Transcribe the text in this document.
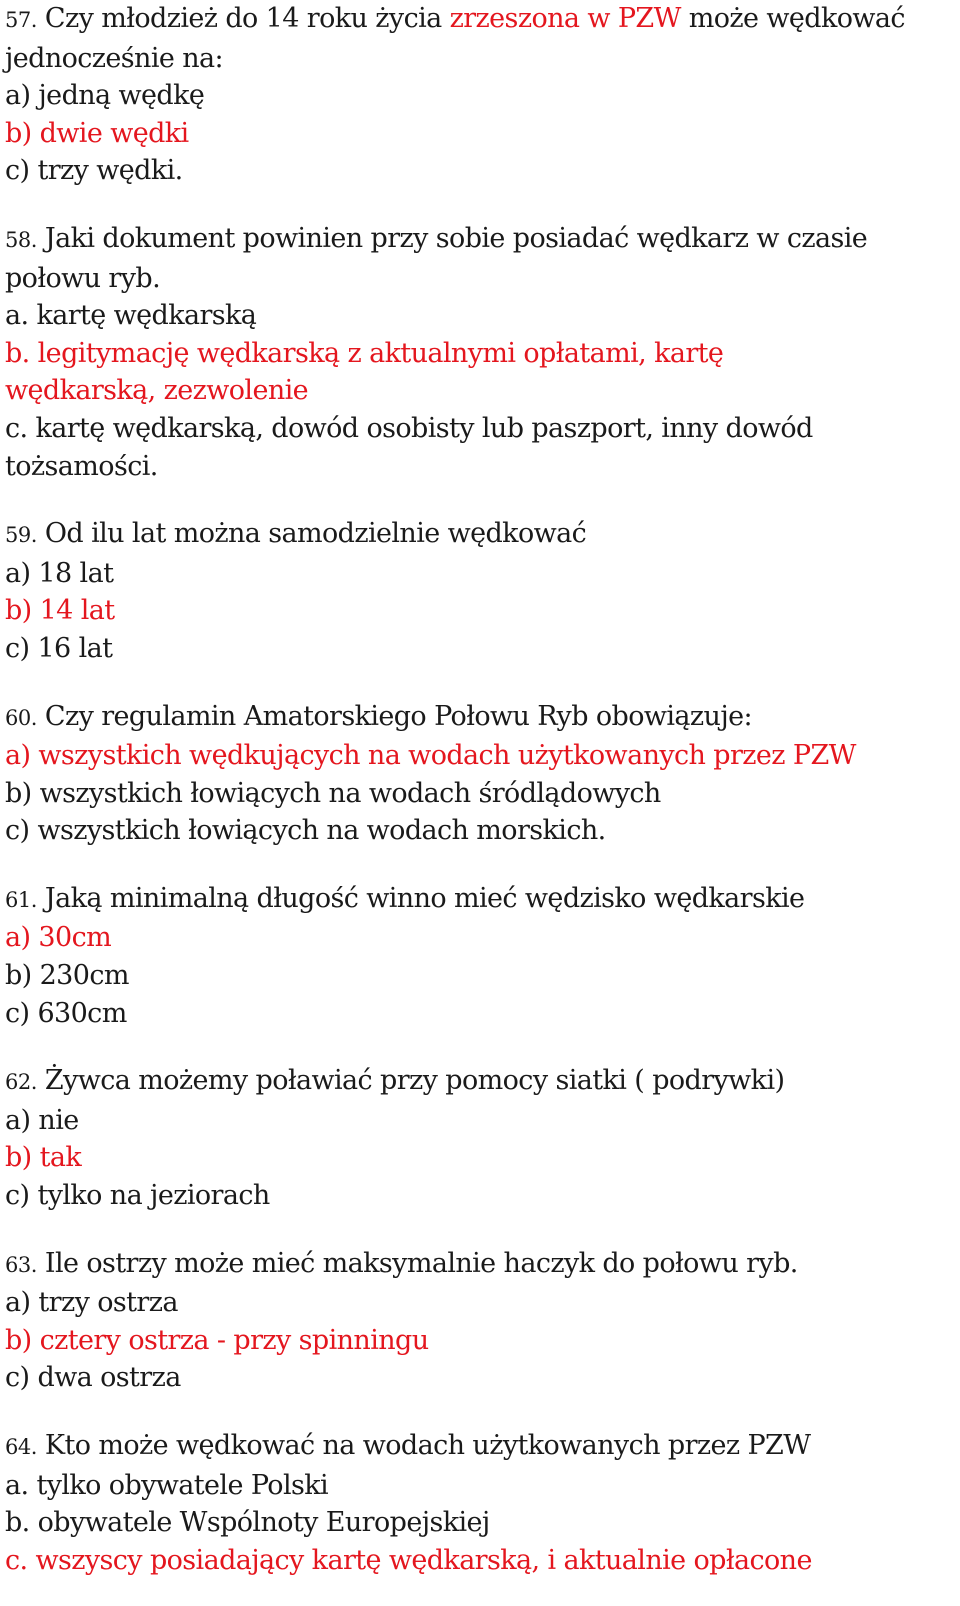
57. Czy młodzież do 14 roku życia zrzeszona w PZW może wędkować
jednocześnie na:
a) jedną wędkę
b) dwie wędki
c) trzy wędki.
58. Jaki dokument powinien przy sobie posiadać wędkarz w czasie
połowu ryb.
a. kartę wędkarską
b. legitymację wędkarską z aktualnymi opłatami, kartę
wędkarską, zezwolenie
c. kartę wędkarską, dowód osobisty lub paszport, inny dowód
tożsamości.
59. Od ilu lat można samodzielnie wędkować
a) 18 lat
b) 14 lat
c) 16 lat
60. Czy regulamin Amatorskiego Połowu Ryb obowiązuje:
a) wszystkich wędkujących na wodach użytkowanych przez PZW
b) wszystkich łowiących na wodach śródlądowych
c) wszystkich łowiących na wodach morskich.
61. Jaką minimalną długość winno mieć wędzisko wędkarskie
a) 30cm
b) 230cm
c) 630cm
62. Żywca możemy poławiać przy pomocy siatki ( podrywki)
a) nie
b) tak
c) tylko na jeziorach
63. Ile ostrzy może mieć maksymalnie haczyk do połowu ryb.
a) trzy ostrza
b) cztery ostrza - przy spinningu
c) dwa ostrza
64. Kto może wędkować na wodach użytkowanych przez PZW
a. tylko obywatele Polski
b. obywatele Wspólnoty Europejskiej
c. wszyscy posiadający kartę wędkarską, i aktualnie opłacone
